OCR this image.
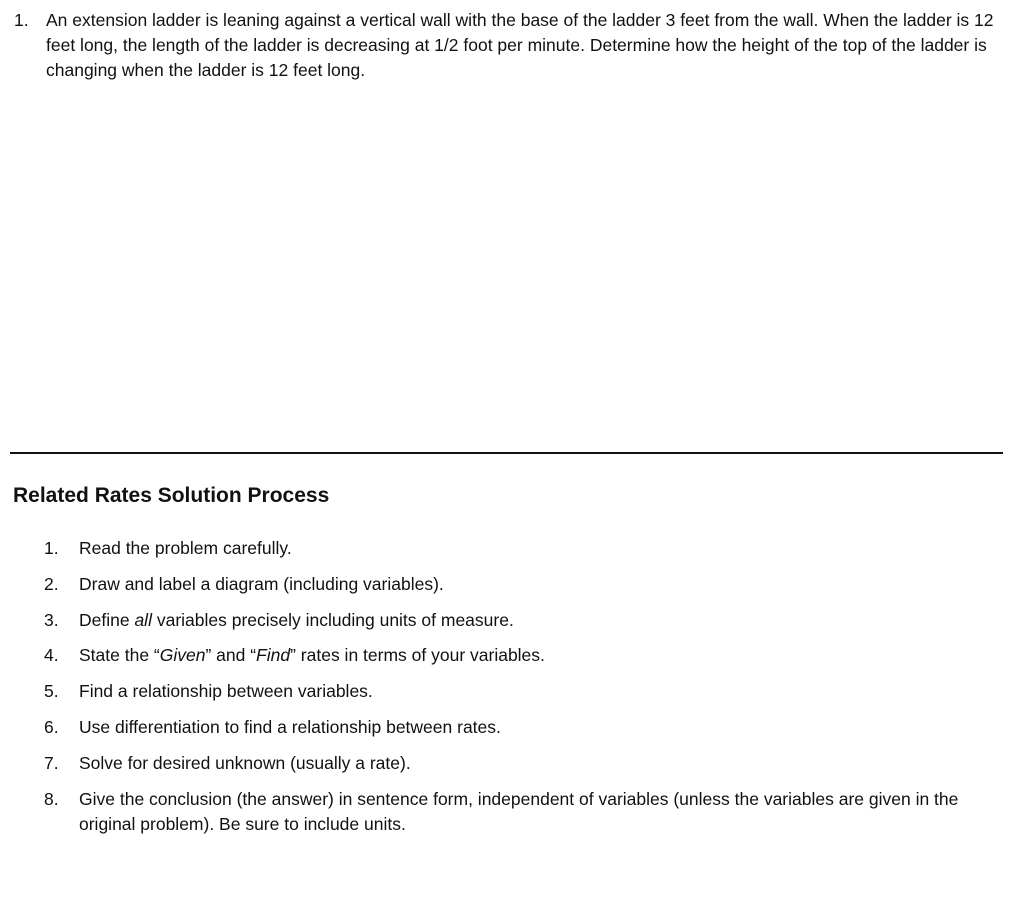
1. An extension ladder is leaning against a vertical wall with the base of the ladder 3 feet from the wall. When the ladder is 12 feet long, the length of the ladder is decreasing at 1/2 foot per minute. Determine how the height of the top of the ladder is changing when the ladder is 12 feet long.
Related Rates Solution Process
1.	Read the problem carefully.
2.	Draw and label a diagram (including variables).
3.	Define all variables precisely including units of measure.
4.	State the “Given” and “Find” rates in terms of your variables.
5.	Find a relationship between variables.
6.	Use differentiation to find a relationship between rates.
7.	Solve for desired unknown (usually a rate).
8.	Give the conclusion (the answer) in sentence form, independent of variables (unless the variables are given in the original problem). Be sure to include units.
